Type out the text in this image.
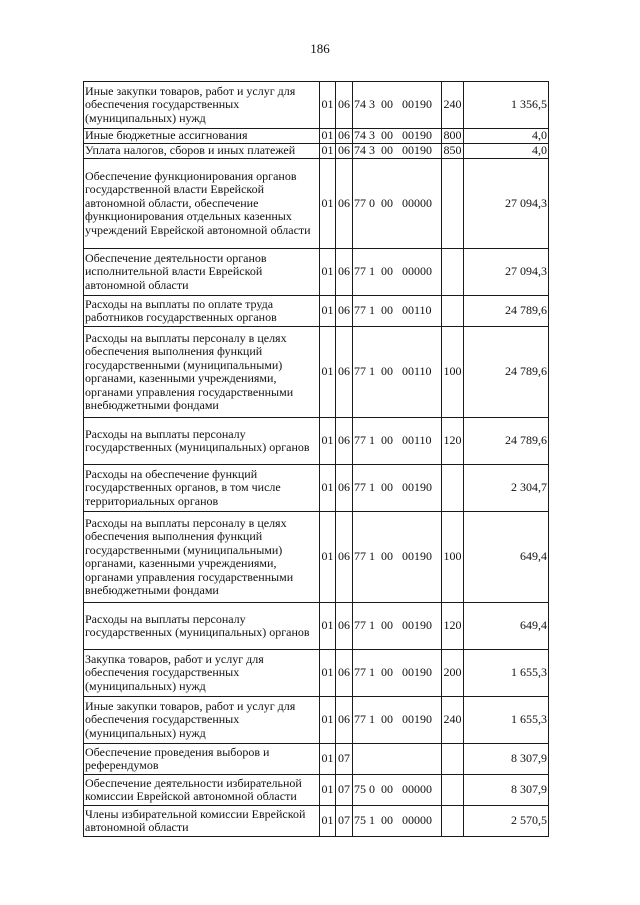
186
Иные закупки товаров, работ и услуг для обеспечения государственных (муниципальных) нужд	01	06	74 3  00   00190	240	1 356,5
Иные бюджетные ассигнования	01	06	74 3  00   00190	800	4,0
Уплата налогов, сборов и иных платежей	01	06	74 3  00   00190	850	4,0
Обеспечение функционирования органов государственной власти Еврейской автономной области, обеспечение функционирования отдельных казенных учреждений Еврейской автономной области	01	06	77 0  00   00000		27 094,3
Обеспечение деятельности органов исполнительной власти Еврейской автономной области	01	06	77 1  00   00000		27 094,3
Расходы на выплаты по оплате труда работников государственных органов	01	06	77 1  00   00110		24 789,6
Расходы на выплаты персоналу в целях обеспечения выполнения функций государственными (муниципальными) органами, казенными учреждениями, органами управления государственными внебюджетными фондами	01	06	77 1  00   00110	100	24 789,6
Расходы на выплаты персоналу государственных (муниципальных) органов	01	06	77 1  00   00110	120	24 789,6
Расходы на обеспечение функций государственных органов, в том числе территориальных органов	01	06	77 1  00   00190		2 304,7
Расходы на выплаты персоналу в целях обеспечения выполнения функций государственными (муниципальными) органами, казенными учреждениями, органами управления государственными внебюджетными фондами	01	06	77 1  00   00190	100	649,4
Расходы на выплаты персоналу государственных (муниципальных) органов	01	06	77 1  00   00190	120	649,4
Закупка товаров, работ и услуг для обеспечения государственных (муниципальных) нужд	01	06	77 1  00   00190	200	1 655,3
Иные закупки товаров, работ и услуг для обеспечения государственных (муниципальных) нужд	01	06	77 1  00   00190	240	1 655,3
Обеспечение проведения выборов и референдумов	01	07			8 307,9
Обеспечение деятельности избирательной комиссии Еврейской автономной области	01	07	75 0  00   00000		8 307,9
Члены избирательной комиссии Еврейской автономной области	01	07	75 1  00   00000		2 570,5
